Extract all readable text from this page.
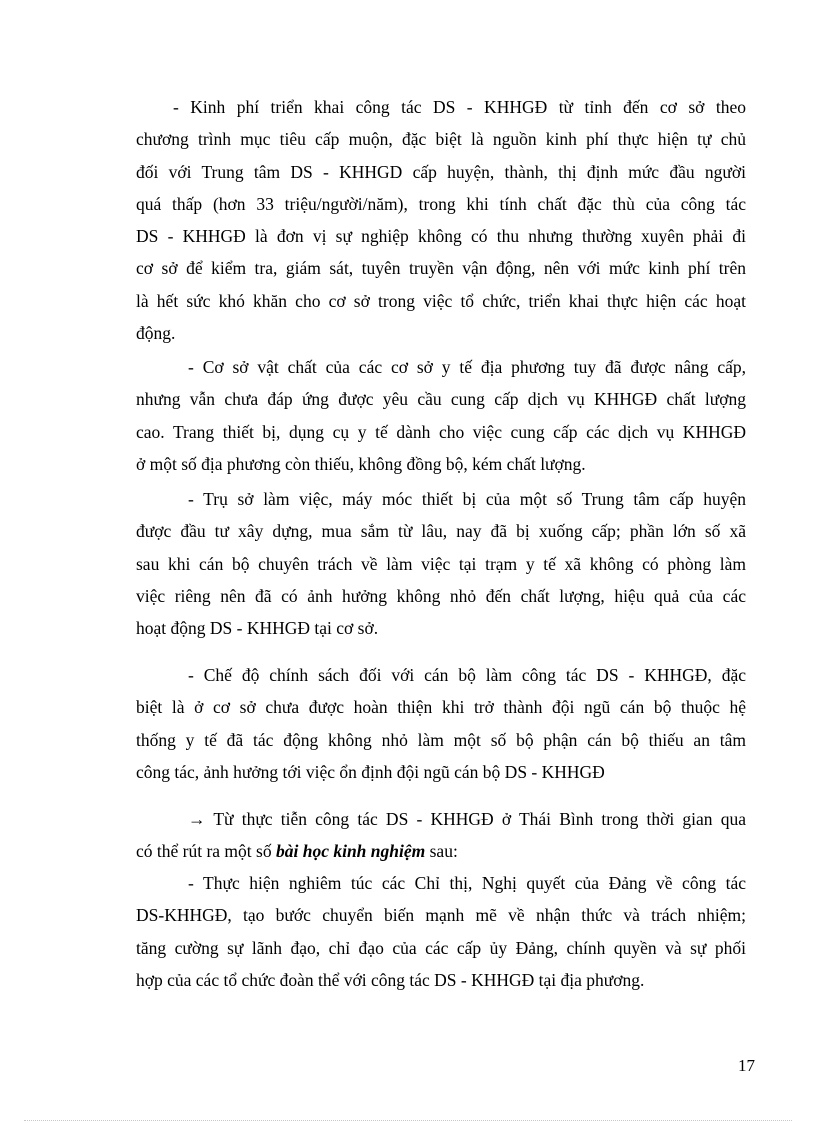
- Kinh phí triển khai công tác DS - KHHGĐ từ tỉnh đến cơ sở theo
chương trình mục tiêu cấp muộn, đặc biệt là nguồn kinh phí thực hiện tự chủ
đối với Trung tâm DS - KHHGD cấp huyện, thành, thị định mức đầu người
quá thấp (hơn 33 triệu/người/năm), trong khi tính chất đặc thù của công tác
DS - KHHGĐ là đơn vị sự nghiệp không có thu nhưng thường xuyên phải đi
cơ sở để kiểm tra, giám sát, tuyên truyền vận động, nên với mức kinh phí trên
là hết sức khó khăn cho cơ sở trong việc tổ chức, triển khai thực hiện các hoạt
động.
- Cơ sở vật chất của các cơ sở y tế địa phương tuy đã được nâng cấp,
nhưng vẫn chưa đáp ứng được yêu cầu cung cấp dịch vụ KHHGĐ chất lượng
cao. Trang thiết bị, dụng cụ y tế dành cho việc cung cấp các dịch vụ KHHGĐ
ở một số địa phương còn thiếu, không đồng bộ, kém chất lượng.
- Trụ sở làm việc, máy móc thiết bị của một số Trung tâm cấp huyện
được đầu tư xây dựng, mua sắm từ lâu, nay đã bị xuống cấp; phần lớn số xã
sau khi cán bộ chuyên trách về làm việc tại trạm y tế xã không có phòng làm
việc riêng nên đã có ảnh hưởng không nhỏ đến chất lượng, hiệu quả của các
hoạt động DS - KHHGĐ tại cơ sở.
- Chế độ chính sách đối với cán bộ làm công tác DS - KHHGĐ, đặc
biệt là ở cơ sở chưa được hoàn thiện khi trở thành đội ngũ cán bộ thuộc hệ
thống y tế đã tác động không nhỏ làm một số bộ phận cán bộ thiếu an tâm
công tác, ảnh hưởng tới việc ổn định đội ngũ cán bộ DS - KHHGĐ
→ Từ thực tiễn công tác DS - KHHGĐ ở Thái Bình trong thời gian qua
có thể rút ra một số bài học kinh nghiệm sau:
- Thực hiện nghiêm túc các Chỉ thị, Nghị quyết của Đảng về công tác
DS-KHHGĐ, tạo bước chuyển biến mạnh mẽ về nhận thức và trách nhiệm;
tăng cường sự lãnh đạo, chỉ đạo của các cấp ủy Đảng, chính quyền và sự phối
hợp của các tổ chức đoàn thể với công tác DS - KHHGĐ tại địa phương.
17
